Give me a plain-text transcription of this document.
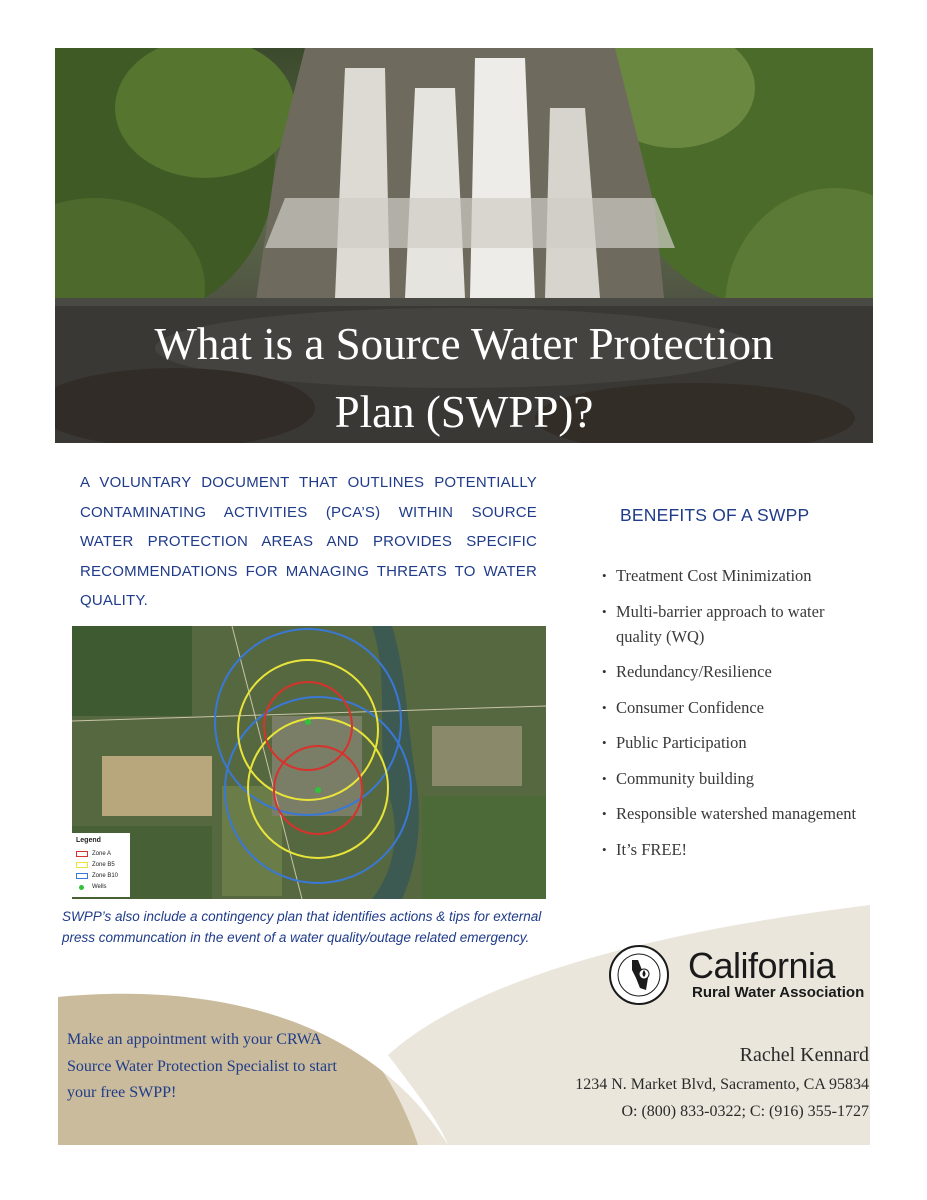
What is a Source Water Protection
Plan (SWPP)?
A VOLUNTARY DOCUMENT THAT OUTLINES POTENTIALLY CONTAMINATING ACTIVITIES (PCA’S) WITHIN SOURCE WATER PROTECTION AREAS AND PROVIDES SPECIFIC RECOMMENDATIONS FOR MANAGING THREATS TO WATER QUALITY.
Legend
Zone A
Zone B5
Zone B10
Wells
SWPP’s also include a contingency plan that identifies actions & tips for external press communcation in the event of a water quality/outage related emergency.
BENEFITS OF A SWPP
• Treatment Cost Minimization
• Multi-barrier approach to water quality (WQ)
• Redundancy/Resilience
• Consumer Confidence
• Public Participation
• Community building
• Responsible watershed management
• It’s FREE!
Make an appointment with your CRWA Source Water Protection Specialist to start your free SWPP!
California
Rural Water Association
Rachel Kennard
1234 N. Market Blvd, Sacramento, CA 95834
O: (800) 833-0322; C: (916) 355-1727
